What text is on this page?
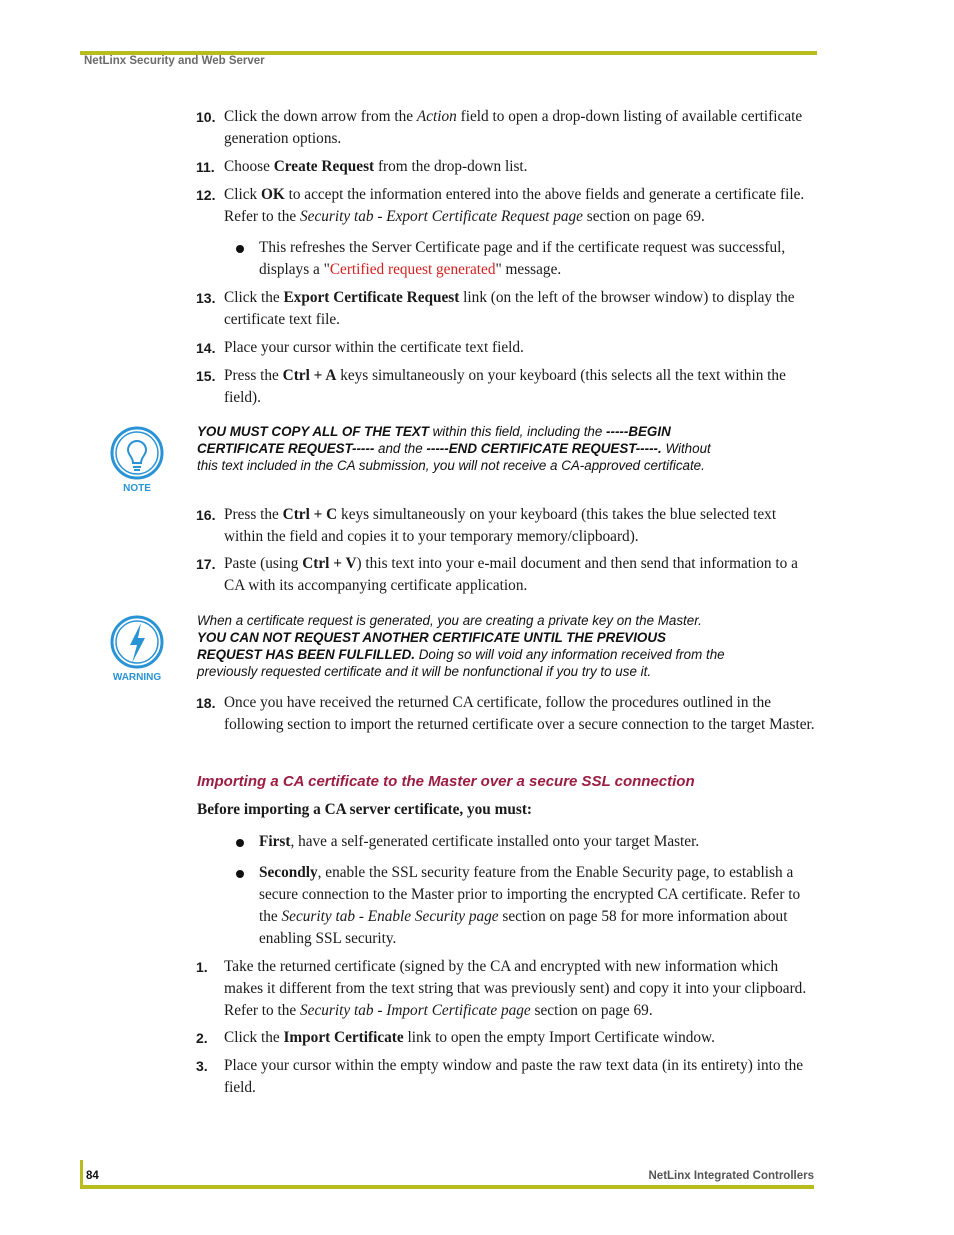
NetLinx Security and Web Server
10. Click the down arrow from the Action field to open a drop-down listing of available certificate generation options.
11. Choose Create Request from the drop-down list.
12. Click OK to accept the information entered into the above fields and generate a certificate file. Refer to the Security tab - Export Certificate Request page section on page 69.
This refreshes the Server Certificate page and if the certificate request was successful, displays a "Certified request generated" message.
13. Click the Export Certificate Request link (on the left of the browser window) to display the certificate text file.
14. Place your cursor within the certificate text field.
15. Press the Ctrl + A keys simultaneously on your keyboard (this selects all the text within the field).
NOTE
YOU MUST COPY ALL OF THE TEXT within this field, including the -----BEGIN CERTIFICATE REQUEST----- and the -----END CERTIFICATE REQUEST-----. Without this text included in the CA submission, you will not receive a CA-approved certificate.
16. Press the Ctrl + C keys simultaneously on your keyboard (this takes the blue selected text within the field and copies it to your temporary memory/clipboard).
17. Paste (using Ctrl + V) this text into your e-mail document and then send that information to a CA with its accompanying certificate application.
WARNING
When a certificate request is generated, you are creating a private key on the Master. YOU CAN NOT REQUEST ANOTHER CERTIFICATE UNTIL THE PREVIOUS REQUEST HAS BEEN FULFILLED. Doing so will void any information received from the previously requested certificate and it will be nonfunctional if you try to use it.
18. Once you have received the returned CA certificate, follow the procedures outlined in the following section to import the returned certificate over a secure connection to the target Master.
Importing a CA certificate to the Master over a secure SSL connection
Before importing a CA server certificate, you must:
First, have a self-generated certificate installed onto your target Master.
Secondly, enable the SSL security feature from the Enable Security page, to establish a secure connection to the Master prior to importing the encrypted CA certificate. Refer to the Security tab - Enable Security page section on page 58 for more information about enabling SSL security.
1. Take the returned certificate (signed by the CA and encrypted with new information which makes it different from the text string that was previously sent) and copy it into your clipboard. Refer to the Security tab - Import Certificate page section on page 69.
2. Click the Import Certificate link to open the empty Import Certificate window.
3. Place your cursor within the empty window and paste the raw text data (in its entirety) into the field.
84	NetLinx Integrated Controllers
